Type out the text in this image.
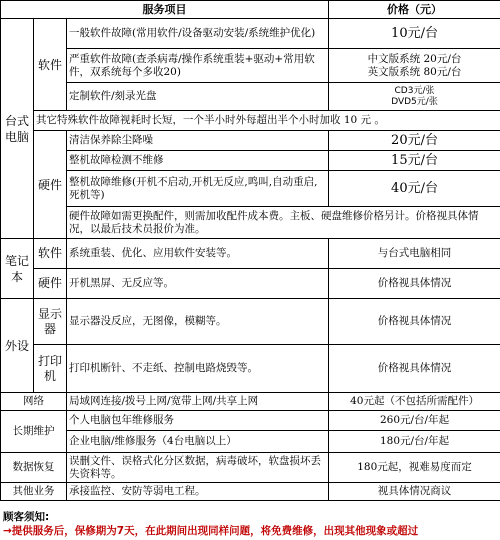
服务项目			价格（元）
台式电脑	软件	一般软件故障(常用软件/设备驱动安装/系统维护优化)	10元/台
		严重软件故障(查杀病毒/操作系统重装+驱动+常用软件，双系统每个多收20)	中文版系统 20元/台
英文版系统 80元/台

		定制软件/刻录光盘	CD3元/张
DVD5元/张

	其它特殊软件故障视耗时长短，一个半小时外每超出半个小时加收 10 元 。		
	硬件	清洁保养除尘降噪	20元/台
		整机故障检测不维修	15元/台
		整机故障维修(开机不启动,开机无反应,鸣叫,自动重启,死机等)	40元/台
		硬件故障如需更换配件，则需加收配件成本费。主板、硬盘维修价格另计。价格视具体情况，以最后技术员报价为准。	
笔记本	软件	系统重装、优化、应用软件安装等。	与台式电脑相同
	硬件	开机黑屏、无反应等。	价格视具体情况
外设	显示器	显示器没反应，无图像，模糊等。	价格视具体情况
	打印机	打印机断针、不走纸、控制电路烧毁等。	价格视具体情况
网络		局域网连接/拨号上网/宽带上网/共享上网	40元起（不包括所需配件）
长期维护		个人电脑包年维修服务	260元/台/年起
		企业电脑/维修服务（4台电脑以上）	180元/台/年起
数据恢复		误删文件、误格式化分区数据，病毒破坏，软盘损坏丢失资料等。	180元起，视难易度而定
其他业务		承接监控、安防等弱电工程。	视具体情况商议
顾客须知:
→提供服务后，保修期为7天，在此期间出现同样问题，将免费维修，出现其他现象或超过
